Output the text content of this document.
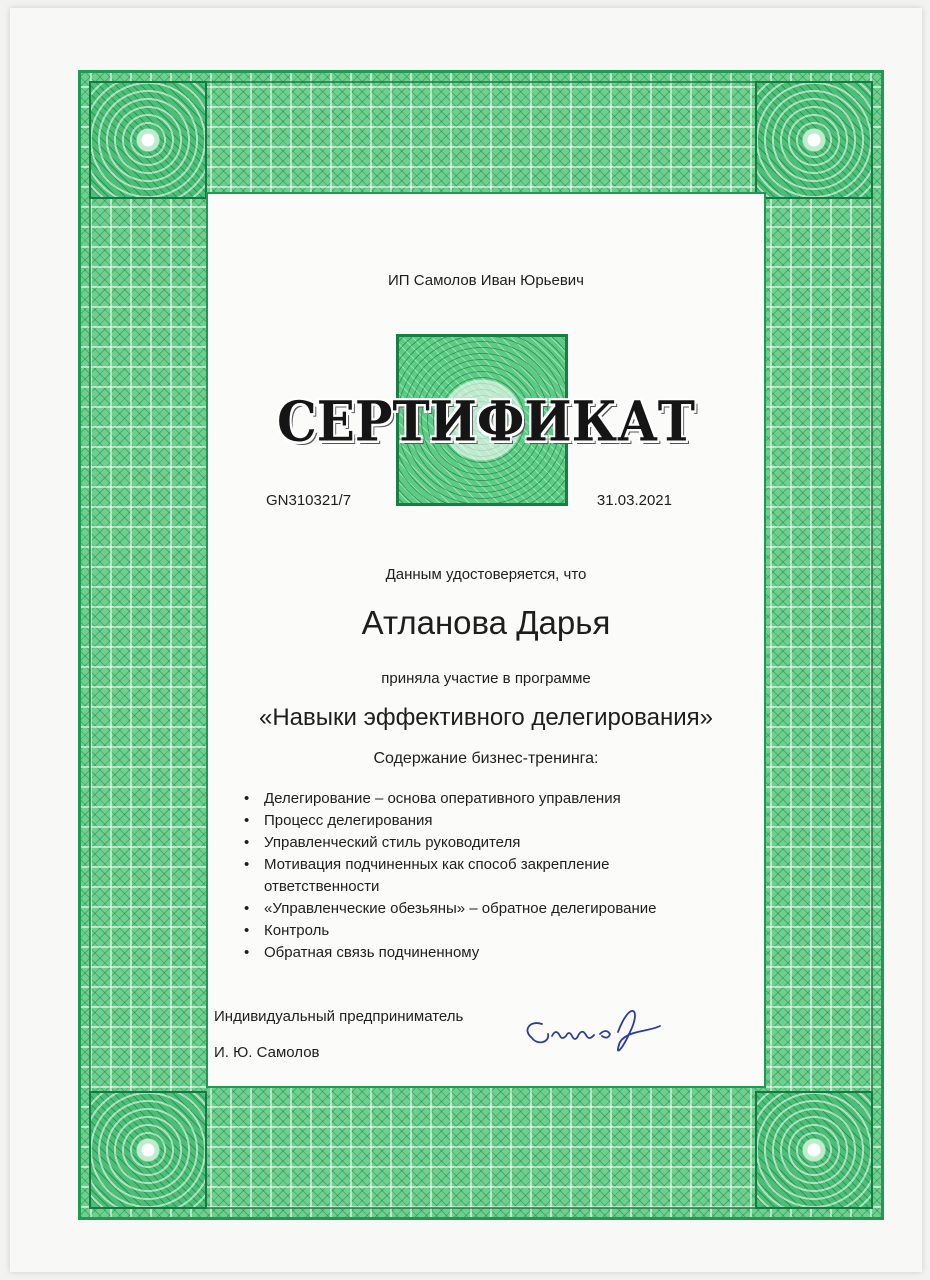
ИП Самолов Иван Юрьевич
СЕРТИФИКАТ
GN310321/7	31.03.2021
Данным удостоверяется, что
Атланова Дарья
приняла участие в программе
«Навыки эффективного делегирования»
Содержание бизнес-тренинга:
• Делегирование – основа оперативного управления
• Процесс делегирования
• Управленческий стиль руководителя
• Мотивация подчиненных как способ закрепление ответственности
• «Управленческие обезьяны» – обратное делегирование
• Контроль
• Обратная связь подчиненному
Индивидуальный предприниматель
И. Ю. Самолов
